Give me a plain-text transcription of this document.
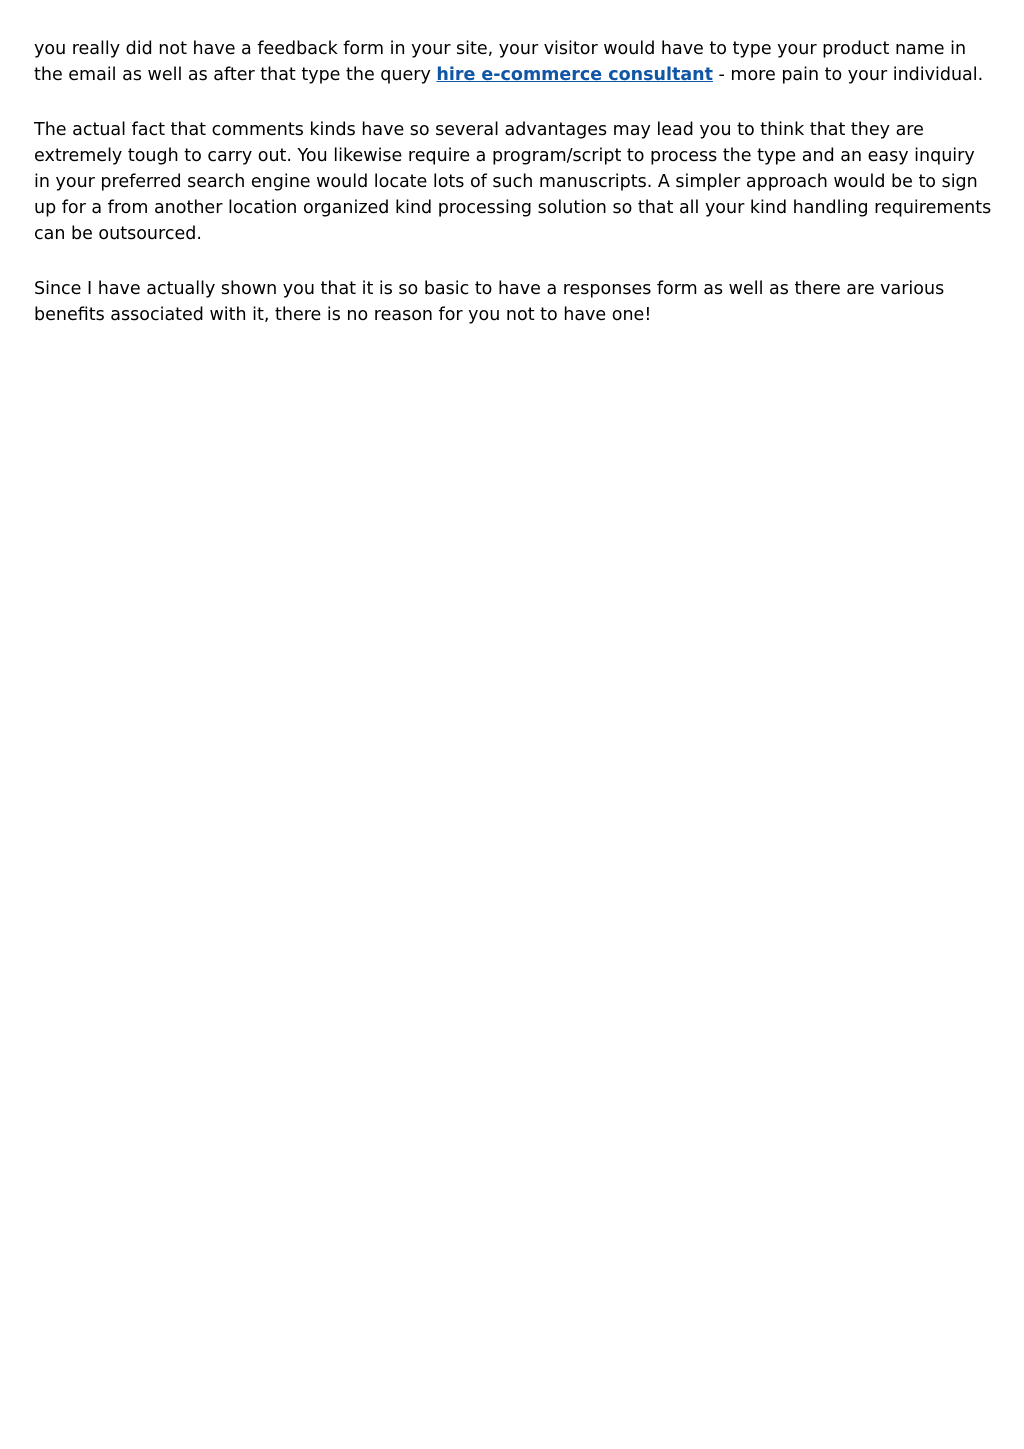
you really did not have a feedback form in your site, your visitor would have to type your product name in the email as well as after that type the query hire e-commerce consultant - more pain to your individual.

The actual fact that comments kinds have so several advantages may lead you to think that they are extremely tough to carry out. You likewise require a program/script to process the type and an easy inquiry in your preferred search engine would locate lots of such manuscripts. A simpler approach would be to sign up for a from another location organized kind processing solution so that all your kind handling requirements can be outsourced.

Since I have actually shown you that it is so basic to have a responses form as well as there are various benefits associated with it, there is no reason for you not to have one!
